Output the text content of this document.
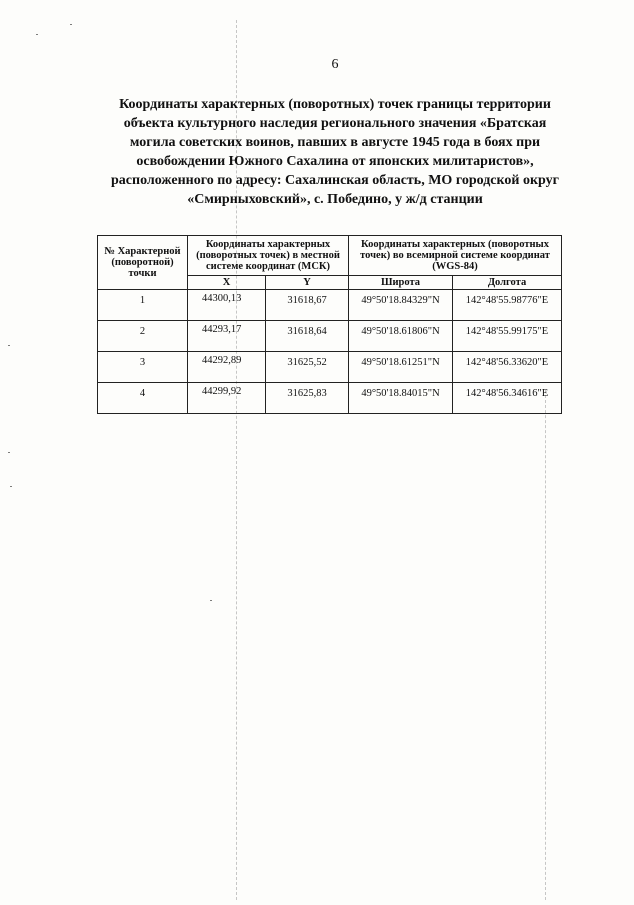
6
Координаты характерных (поворотных) точек границы территории
объекта культурного наследия регионального значения «Братская
могила советских воинов, павших в августе 1945 года в боях при
освобождении Южного Сахалина от японских милитаристов»,
расположенного по адресу: Сахалинская область, МО городской округ
«Смирныховский», с. Победино, у ж/д станции
№ Характерной (поворотной) точки	Координаты характерных (поворотных точек) в местной системе координат (МСК)		Координаты характерных (поворотных точек) во всемирной системе координат (WGS-84)	
	X	Y	Широта	Долгота
1	44300,13	31618,67	49°50'18.84329"N	142°48'55.98776"E
2	44293,17	31618,64	49°50'18.61806"N	142°48'55.99175"E
3	44292,89	31625,52	49°50'18.61251"N	142°48'56.33620"E
4	44299,92	31625,83	49°50'18.84015"N	142°48'56.34616"E
